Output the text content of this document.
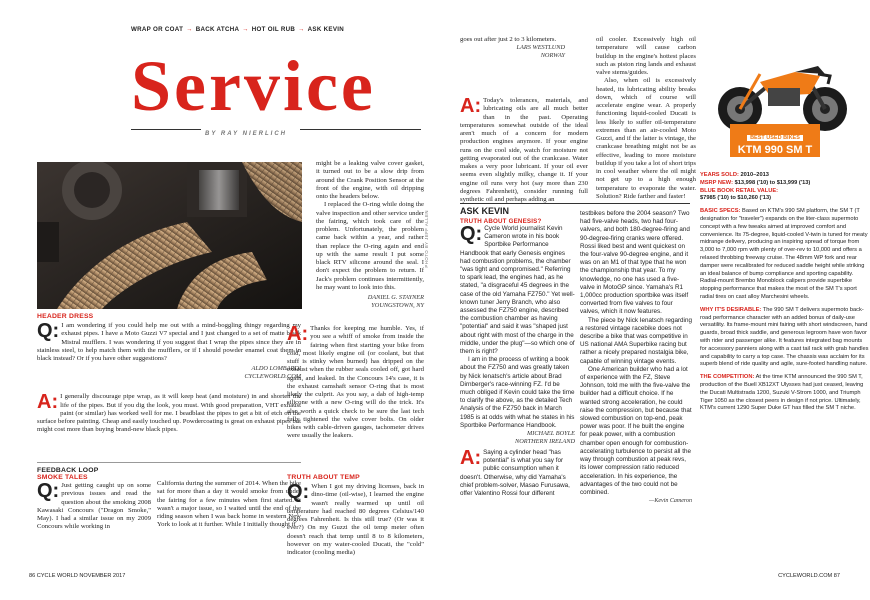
WRAP OR COAT → BACK ATCHA → HOT OIL RUB → ASK KEVIN
Service
BY RAY NIERLICH
HEADER DRESS
Q: I am wondering if you could help me out with a mind-boggling thingy regarding my exhaust pipes. I have a Moto Guzzi V7 special and I just changed to a set of matte black Mistral mufflers. I was wondering if you suggest that I wrap the pipes since they are in stainless steel, to help match them with the mufflers, or if I should powder enamel coat them in black instead? Or if you have other suggestions?
ALDO LOMBARDI
CYCLEWORLD.COM
A: I generally discourage pipe wrap, as it will keep heat (and moisture) in and shorten the life of the pipes. But if you dig the look, you must. With good preparation, VHT exhaust paint (or similar) has worked well for me. I beadblast the pipes to get a bit of etch on the surface before painting. Cheap and easily touched up. Powdercoating is great on exhaust pipes but might cost more than buying brand-new black pipes.
FEEDBACK LOOP
SMOKE TALES
Q: Just getting caught up on some previous issues and read the question about the smoking 2008 Kawasaki Concours ("Dragon Smoke," May). I had a similar issue on my 2009 Concours while working in
California during the summer of 2014. When the bike sat for more than a day it would smoke from under the fairing for a few minutes when first started. It wasn't a major issue, so I waited until the end of the riding season when I was back home in western New York to look at it further. While I initially thought it
might be a leaking valve cover gasket, it turned out to be a slow drip from around the Crank Position Sensor at the front of the engine, with oil dripping onto the headers below.
I replaced the O-ring while doing the valve inspection and other service under the fairing, which took care of the problem. Unfortunately, the problem came back within a year, and rather than replace the O-ring again and end up with the same result I put some black RTV silicone around the seal. I don't expect the problem to return. If Jack's problem continues intermittently, he may want to look into this.
DANIEL G. STAYNER
YOUNGSTOWN, NY
A: Thanks for keeping me humble. Yes, if you see a whiff of smoke from inside the fairing when first starting your bike from cold, most likely engine oil (or coolant, but that stuff is stinky when burned) has dripped on the exhaust when the rubber seals cooled off, got hard again, and leaked. In the Concours 14's case, it is the exhaust camshaft sensor O-ring that is most likely the culprit. As you say, a dab of high-temp silicone with a new O-ring will do the trick. It's also worth a quick check to be sure the last tech fully tightened the valve cover bolts. On older bikes with cable-driven gauges, tachometer drives were usually the leakers.
TRUTH ABOUT TEMP
Q: When I got my driving licenses, back in dino-time (oil-wise), I learned the engine wasn't really warmed up until oil temperature had reached 80 degrees Celsius/140 degrees Fahrenheit. Is this still true? (Or was it ever?) On my Guzzi the oil temp meter often doesn't reach that temp until 8 to 8 kilometers, however on my water-cooled Ducati, the "cold" indicator (cooling media)
PHOTO BY JEFF ALLEN
goes out after just 2 to 3 kilometers.
LARS WESTLUND
NORWAY
A: Today's tolerances, materials, and lubricating oils are all much better than in the past. Operating temperatures somewhat outside of the ideal aren't much of a concern for modern production engines anymore. If your engine runs on the cool side, watch for moisture not getting evaporated out of the crankcase. Water makes a very poor lubricant. If your oil ever seems even slightly milky, change it. If your engine oil runs very hot (say more than 230 degrees Fahrenheit), consider running full synthetic oil and perhaps adding an
oil cooler. Excessively high oil temperature will cause carbon buildup in the engine's hottest places such as piston ring lands and exhaust valve stems/guides.
Also, when oil is excessively heated, its lubricating ability breaks down, which of course will accelerate engine wear. A properly functioning liquid-cooled Ducati is less likely to suffer oil-temperature extremes than an air-cooled Moto Guzzi, and if the latter is vintage, the crankcase breathing might not be as effective, leading to more moisture buildup if you take a lot of short trips in cool weather where the oil might not get up to a high enough temperature to evaporate the water. Solution? Ride farther and faster!
ASK KEVIN
TRUTH ABOUT GENESIS?
Q: Cycle World journalist Kevin Cameron wrote in his book Sportbike Performance Handbook that early Genesis engines had combustion problems, the chamber "was tight and compromised." Referring to spark lead, the engines had, as he stated, "a disgraceful 45 degrees in the case of the old Yamaha FZ750." Yet well-known tuner Jerry Branch, who also assessed the FZ750 engine, described the combustion chamber as having "potential" and said it was "shaped just about right with most of the charge in the middle, under the plug"—so which one of them is right?
I am in the process of writing a book about the FZ750 and was greatly taken by Nick Ienatsch's article about Brad Dirnberger's race-winning FZ. I'd be much obliged if Kevin could take the time to clarify the above, as the detailed Tech Analysis of the FZ750 back in March 1985 is at odds with what he states in his Sportbike Performance Handbook.
MICHAEL BOYLE
NORTHERN IRELAND
A: Saying a cylinder head "has potential" is what you say for public consumption when it doesn't. Otherwise, why did Yamaha's chief problem-solver, Masao Furusawa, offer Valentino Rossi four different
testbikes before the 2004 season? Two had five-valve heads, two had four-valvers, and both 180-degree-firing and 90-degree-firing cranks were offered. Rossi liked best and went quickest on the four-valve 90-degree engine, and it was on an M1 of that type that he won the championship that year. To my knowledge, no one has used a five-valve in MotoGP since. Yamaha's R1 1,000cc production sportbike was itself converted from five valves to four valves, which it now features.
The piece by Nick Ienatsch regarding a restored vintage racebike does not describe a bike that was competitive in US national AMA Superbike racing but rather a nicely prepared nostalgia bike, capable of winning vintage events.
One American builder who had a lot of experience with the FZ, Steve Johnson, told me with the five-valve the builder had a difficult choice. If he wanted strong acceleration, he could raise the compression, but because that slowed combustion on top-end, peak power was poor. If he built the engine for peak power, with a combustion chamber open enough for combustion-accelerating turbulence to persist all the way through combustion at peak revs, its lower compression ratio reduced acceleration. In his experience, the advantages of the two could not be combined.
—Kevin Cameron
BEST USED BIKES
KTM 990 SM T
YEARS SOLD: 2010–2013
MSRP NEW: $13,998 ('10) to $13,999 ('13)
BLUE BOOK RETAIL VALUE:
$7985 ('10) to $10,260 ('13)
BASIC SPECS: Based on KTM's 990 SM platform, the SM T (T designation for "traveler") expands on the liter-class supermoto concept with a few tweaks aimed at improved comfort and convenience. Its 75-degree, liquid-cooled V-twin is tuned for meaty midrange delivery, producing an inspiring spread of torque from 3,000 to 7,000 rpm with plenty of over-rev to 10,000 and offers a relaxed throbbing freeway cruise. The 48mm WP fork and rear damper were recalibrated for reduced saddle height while striking an ideal balance of bump compliance and sporting capability. Radial-mount Brembo Monoblock calipers provide superbike stopping performance that makes the most of the SM T's sport radial tires on cast alloy Marchesini wheels.
WHY IT'S DESIRABLE: The 990 SM T delivers supermoto back-road performance character with an added bonus of daily-use versatility. Its frame-mount mini fairing with short windscreen, hand guards, broad thick saddle, and generous legroom have won favor with rider and passenger alike. It features integrated bag mounts for accessory panniers along with a cast tail rack with grab handles and capability to carry a top case. The chassis was acclaim for its superb blend of ride quality and agile, sure-footed handling nature.
THE COMPETITION: At the time KTM announced the 990 SM T, production of the Buell XB12XT Ulysses had just ceased, leaving the Ducati Multistrada 1200, Suzuki V-Strom 1000, and Triumph Tiger 1050 as the closest peers in design if not price. Ultimately, KTM's current 1290 Super Duke GT has filled the SM T niche.
86 CYCLE WORLD NOVEMBER 2017	CYCLEWORLD.COM 87
